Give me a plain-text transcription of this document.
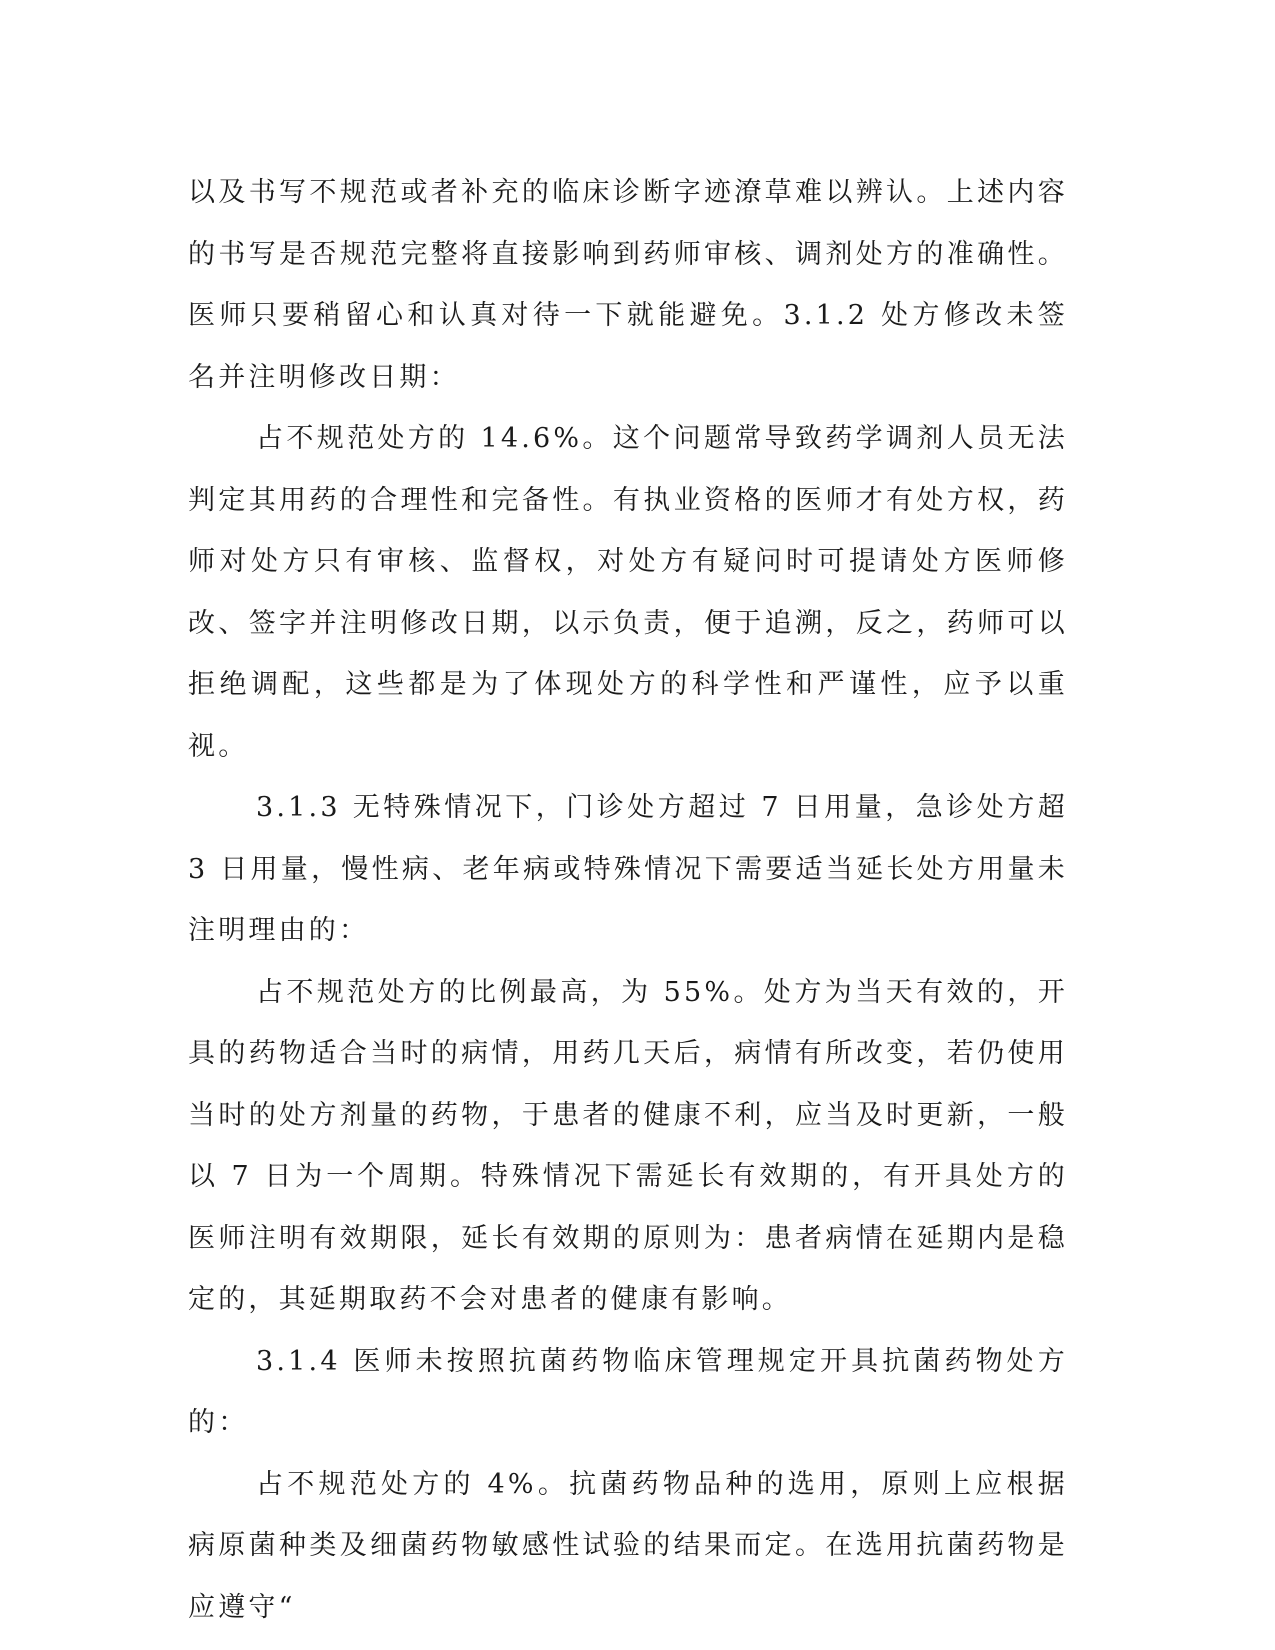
以及书写不规范或者补充的临床诊断字迹潦草难以辨认。上述内容的书写是否规范完整将直接影响到药师审核、调剂处方的准确性。医师只要稍留心和认真对待一下就能避免。3.1.2 处方修改未签名并注明修改日期：

占不规范处方的 14.6%。这个问题常导致药学调剂人员无法判定其用药的合理性和完备性。有执业资格的医师才有处方权，药师对处方只有审核、监督权，对处方有疑问时可提请处方医师修改、签字并注明修改日期，以示负责，便于追溯，反之，药师可以拒绝调配，这些都是为了体现处方的科学性和严谨性，应予以重视。

3.1.3 无特殊情况下，门诊处方超过 7 日用量，急诊处方超 3 日用量，慢性病、老年病或特殊情况下需要适当延长处方用量未注明理由的：

占不规范处方的比例最高，为 55%。处方为当天有效的，开具的药物适合当时的病情，用药几天后，病情有所改变，若仍使用当时的处方剂量的药物，于患者的健康不利，应当及时更新，一般以 7 日为一个周期。特殊情况下需延长有效期的，有开具处方的医师注明有效期限，延长有效期的原则为：患者病情在延期内是稳定的，其延期取药不会对患者的健康有影响。

3.1.4 医师未按照抗菌药物临床管理规定开具抗菌药物处方的：

占不规范处方的 4%。抗菌药物品种的选用，原则上应根据病原菌种类及细菌药物敏感性试验的结果而定。在选用抗菌药物是应遵守“
